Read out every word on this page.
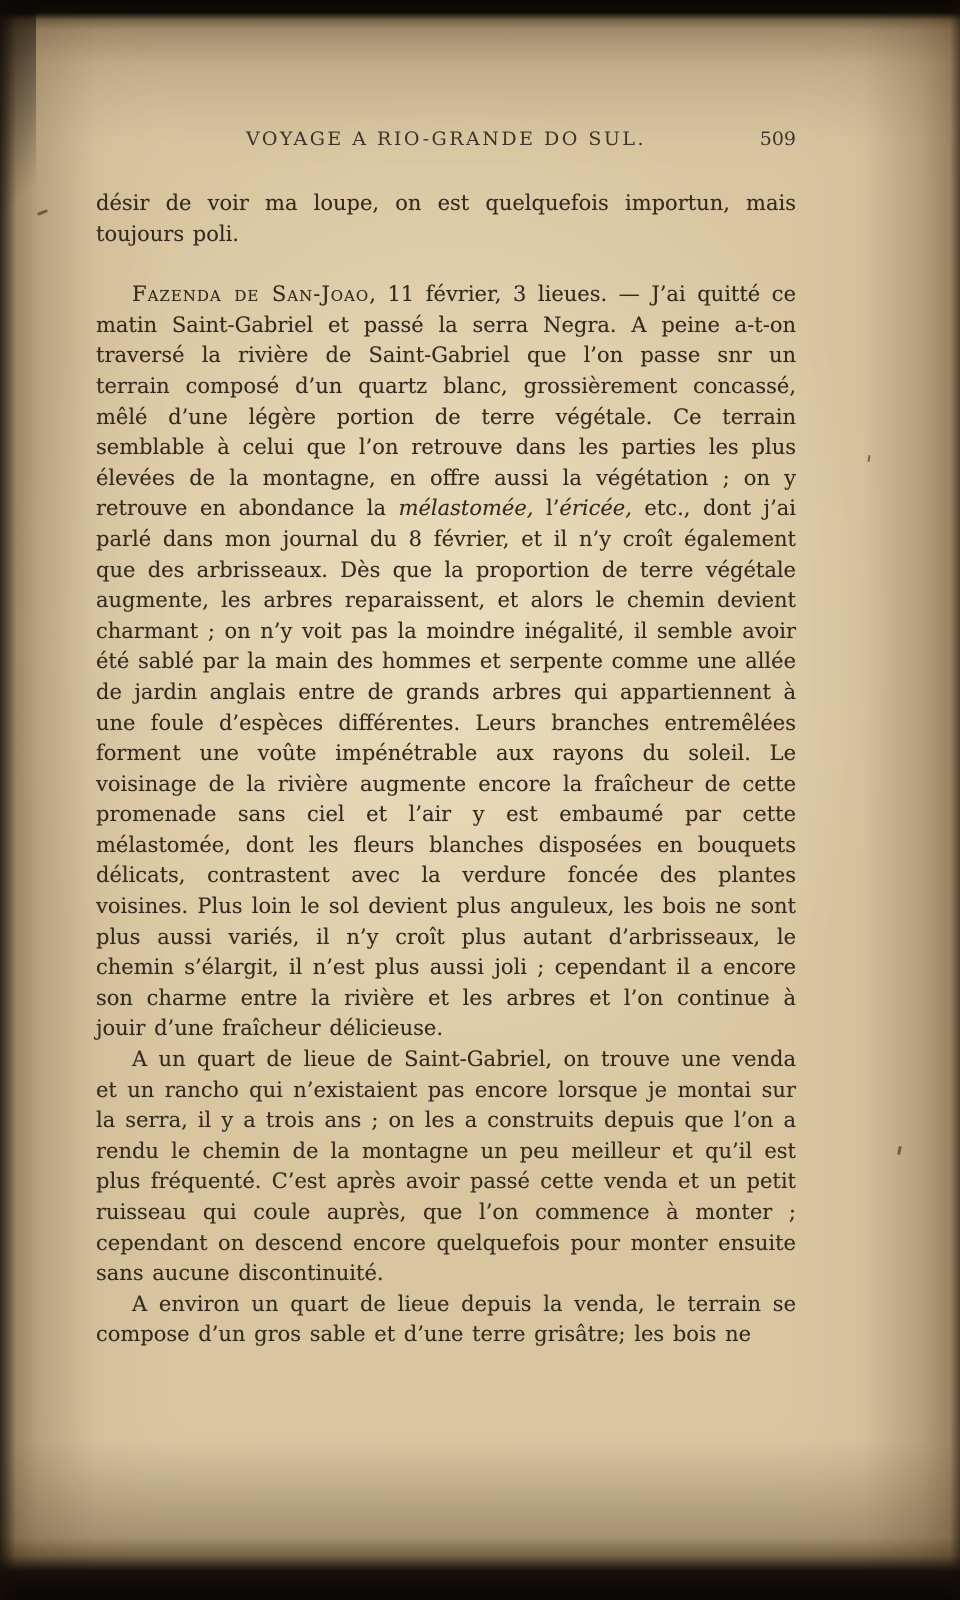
VOYAGE A RIO-GRANDE DO SUL.	509

désir de voir ma loupe, on est quelquefois importun, mais toujours poli.

Fazenda de San-Joao, 11 février, 3 lieues. — J’ai quitté ce matin Saint-Gabriel et passé la serra Negra. A peine a-t-on traversé la rivière de Saint-Gabriel que l’on passe snr un terrain composé d’un quartz blanc, grossièrement concassé, mêlé d’une légère portion de terre végétale. Ce terrain semblable à celui que l’on retrouve dans les parties les plus élevées de la montagne, en offre aussi la végétation ; on y retrouve en abondance la mélastomée, l’éricée, etc., dont j’ai parlé dans mon journal du 8 février, et il n’y croît également que des arbrisseaux. Dès que la proportion de terre végétale augmente, les arbres reparaissent, et alors le chemin devient charmant ; on n’y voit pas la moindre inégalité, il semble avoir été sablé par la main des hommes et serpente comme une allée de jardin anglais entre de grands arbres qui appartiennent à une foule d’espèces différentes. Leurs branches entremêlées forment une voûte impénétrable aux rayons du soleil. Le voisinage de la rivière augmente encore la fraîcheur de cette promenade sans ciel et l’air y est embaumé par cette mélastomée, dont les fleurs blanches disposées en bouquets délicats, contrastent avec la verdure foncée des plantes voisines. Plus loin le sol devient plus anguleux, les bois ne sont plus aussi variés, il n’y croît plus autant d’arbrisseaux, le chemin s’élargit, il n’est plus aussi joli ; cependant il a encore son charme entre la rivière et les arbres et l’on continue à jouir d’une fraîcheur délicieuse.

A un quart de lieue de Saint-Gabriel, on trouve une venda et un rancho qui n’existaient pas encore lorsque je montai sur la serra, il y a trois ans ; on les a construits depuis que l’on a rendu le chemin de la montagne un peu meilleur et qu’il est plus fréquenté. C’est après avoir passé cette venda et un petit ruisseau qui coule auprès, que l’on commence à monter ; cependant on descend encore quelquefois pour monter ensuite sans aucune discontinuité.

A environ un quart de lieue depuis la venda, le terrain se compose d’un gros sable et d’une terre grisâtre; les bois ne
